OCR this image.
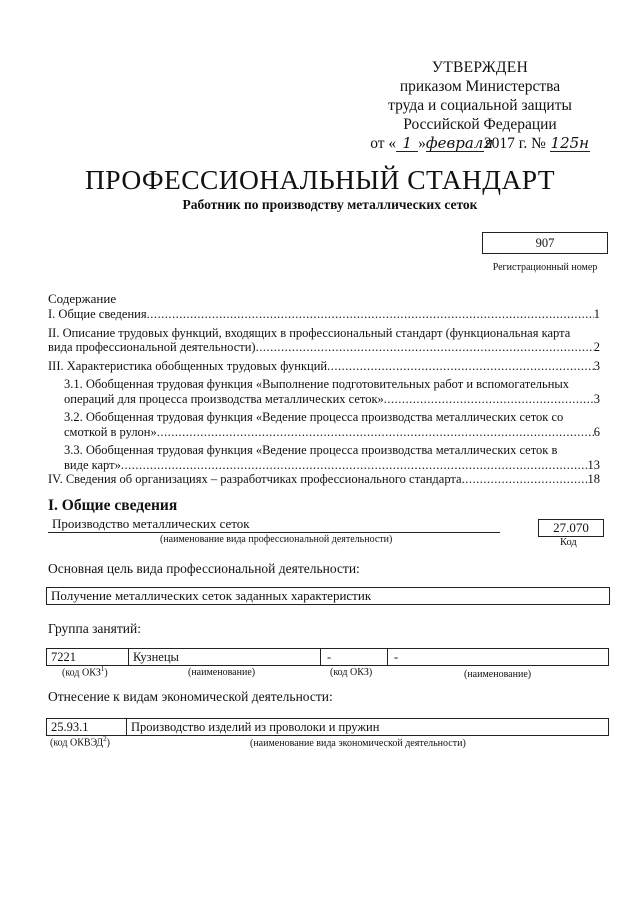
УТВЕРЖДЕН
приказом Министерства
труда и социальной защиты
Российской Федерации
от « 1 »февраля2017 г. № 125н
ПРОФЕССИОНАЛЬНЫЙ СТАНДАРТ
Работник по производству металлических сеток
907
Регистрационный номер
Содержание
I. Общие сведения .....	1
II. Описание трудовых функций, входящих в профессиональный стандарт (функциональная карта
вида профессиональной деятельности) .....	2
III. Характеристика обобщенных трудовых функций .....	3
3.1. Обобщенная трудовая функция «Выполнение подготовительных работ и вспомогательных
операций для процесса производства металлических сеток» .....	3
3.2. Обобщенная трудовая функция «Ведение процесса производства металлических сеток со
смоткой в рулон» .....	6
3.3. Обобщенная трудовая функция «Ведение процесса производства металлических сеток в
виде карт» .....	13
IV. Сведения об организациях – разработчиках профессионального стандарта .....	18
I. Общие сведения
Производство металлических сеток
(наименование вида профессиональной деятельности)
27.070
Код
Основная цель вида профессиональной деятельности:
Получение металлических сеток заданных характеристик
Группа занятий:
7221	Кузнецы	-	-
(код ОКЗ$^1$)	(наименование)	(код ОКЗ)	(наименование)
Отнесение к видам экономической деятельности:
25.93.1	Производство изделий из проволоки и пружин
(код ОКВЭД$^2$)	(наименование вида экономической деятельности)
